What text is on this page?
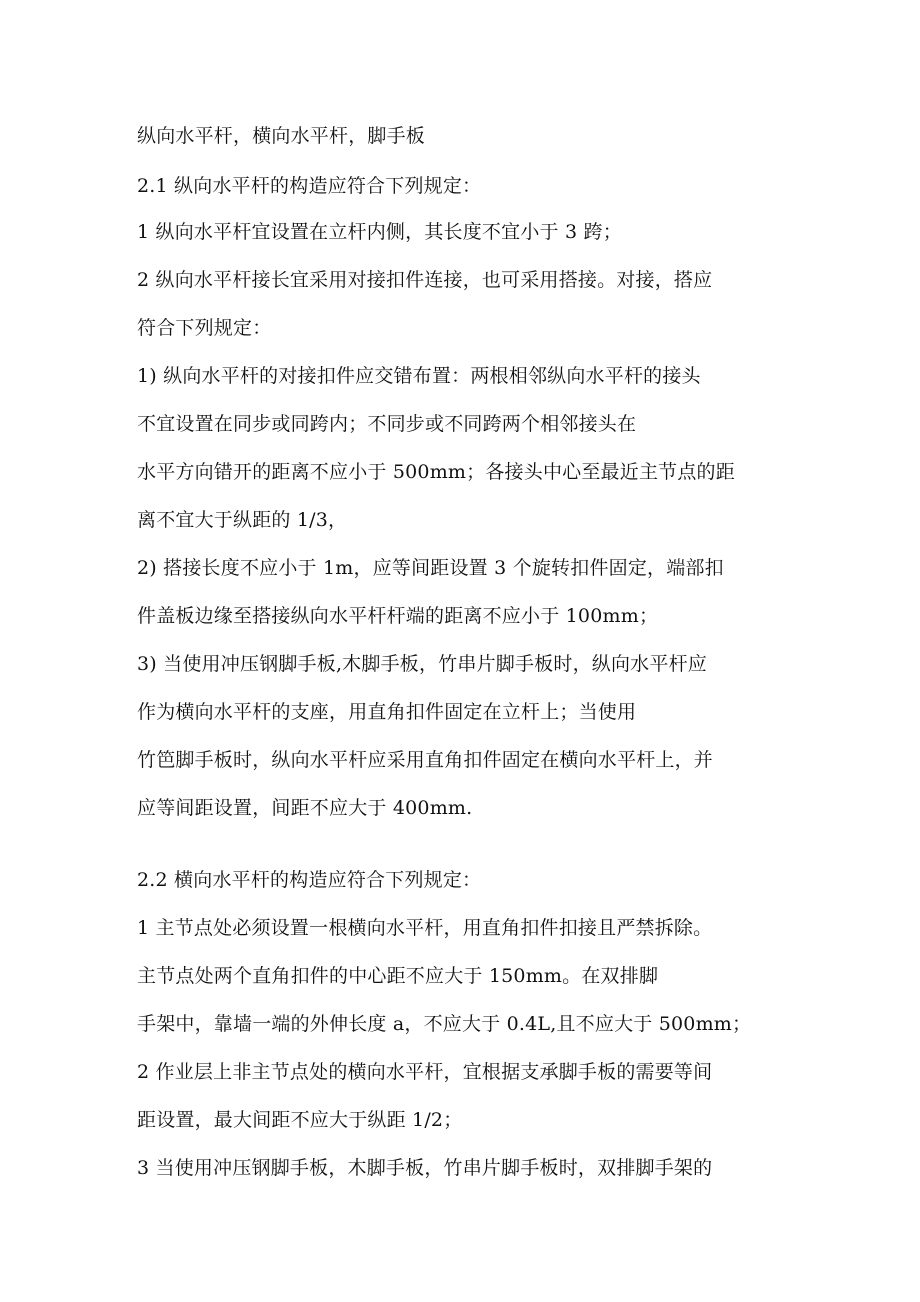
纵向水平杆，横向水平杆，脚手板
2.1 纵向水平杆的构造应符合下列规定：
1 纵向水平杆宜设置在立杆内侧，其长度不宜小于 3 跨；
2 纵向水平杆接长宜采用对接扣件连接，也可采用搭接。对接，搭应
符合下列规定：
1) 纵向水平杆的对接扣件应交错布置：两根相邻纵向水平杆的接头
不宜设置在同步或同跨内；不同步或不同跨两个相邻接头在
水平方向错开的距离不应小于 500mm；各接头中心至最近主节点的距
离不宜大于纵距的 1/3，
2) 搭接长度不应小于 1m，应等间距设置 3 个旋转扣件固定，端部扣
件盖板边缘至搭接纵向水平杆杆端的距离不应小于 100mm；
3) 当使用冲压钢脚手板,木脚手板，竹串片脚手板时，纵向水平杆应
作为横向水平杆的支座，用直角扣件固定在立杆上；当使用
竹笆脚手板时，纵向水平杆应采用直角扣件固定在横向水平杆上，并
应等间距设置，间距不应大于 400mm.
2.2 横向水平杆的构造应符合下列规定：
1 主节点处必须设置一根横向水平杆，用直角扣件扣接且严禁拆除。
主节点处两个直角扣件的中心距不应大于 150mm。在双排脚
手架中，靠墙一端的外伸长度 a，不应大于 0.4L,且不应大于 500mm；
2 作业层上非主节点处的横向水平杆，宜根据支承脚手板的需要等间
距设置，最大间距不应大于纵距 1/2；
3 当使用冲压钢脚手板，木脚手板，竹串片脚手板时，双排脚手架的
